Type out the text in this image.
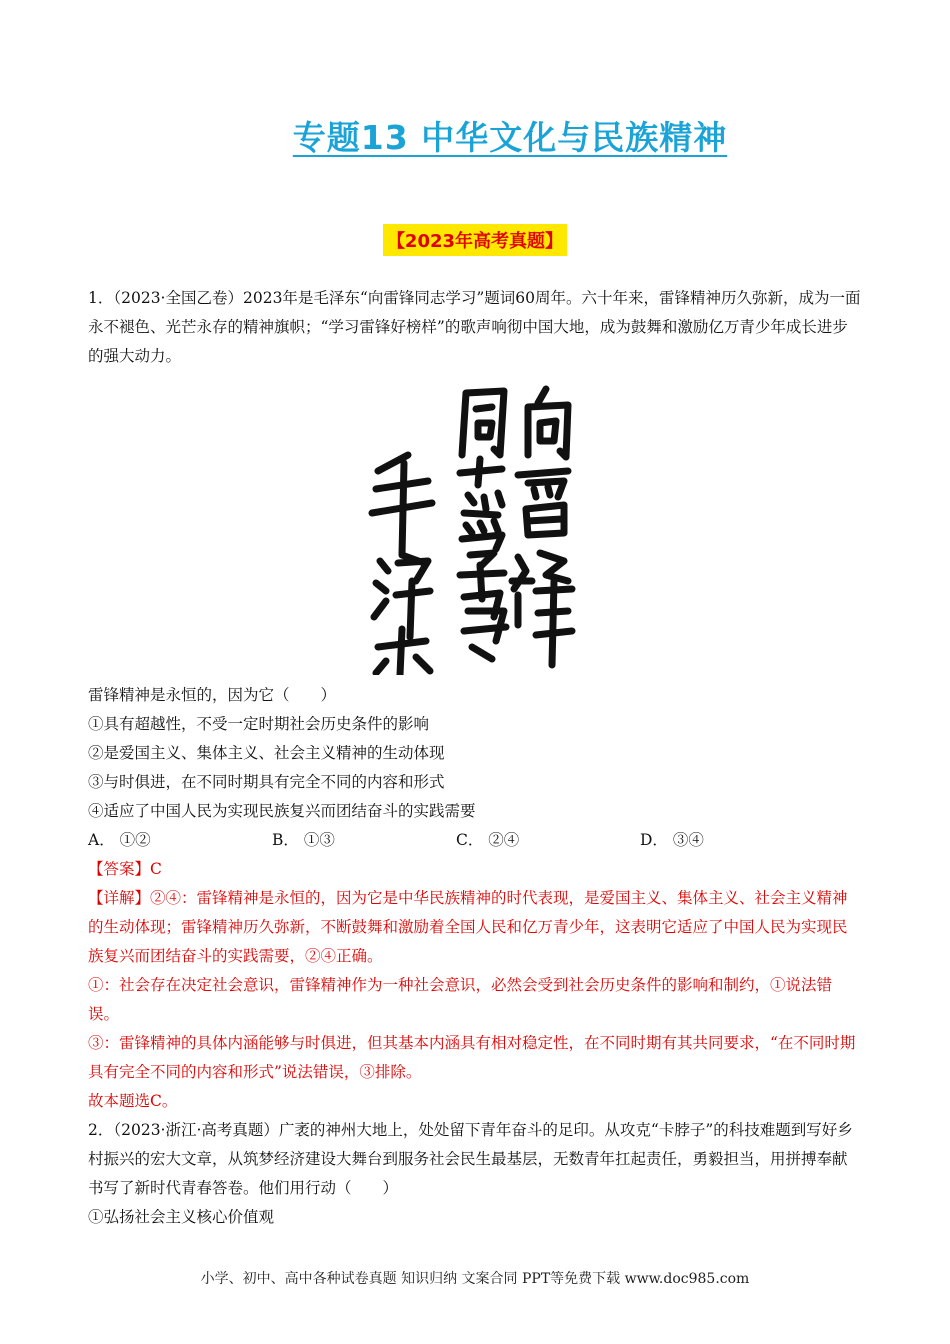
专题13 中华文化与民族精神
【2023年高考真题】

1．（2023·全国乙卷）2023年是毛泽东“向雷锋同志学习”题词60周年。六十年来，雷锋精神历久弥新，成为一面永不褪色、光芒永存的精神旗帜；“学习雷锋好榜样”的歌声响彻中国大地，成为鼓舞和激励亿万青少年成长进步的强大动力。

雷锋精神是永恒的，因为它（　　）

①具有超越性，不受一定时期社会历史条件的影响

②是爱国主义、集体主义、社会主义精神的生动体现

③与时俱进，在不同时期具有完全不同的内容和形式

④适应了中国人民为实现民族复兴而团结奋斗的实践需要

A． ①②	B． ①③	C． ②④	D． ③④

【答案】C

【详解】②④：雷锋精神是永恒的，因为它是中华民族精神的时代表现，是爱国主义、集体主义、社会主义精神的生动体现；雷锋精神历久弥新，不断鼓舞和激励着全国人民和亿万青少年，这表明它适应了中国人民为实现民族复兴而团结奋斗的实践需要，②④正确。

①：社会存在决定社会意识，雷锋精神作为一种社会意识，必然会受到社会历史条件的影响和制约，①说法错误。

③：雷锋精神的具体内涵能够与时俱进，但其基本内涵具有相对稳定性，在不同时期有其共同要求，“在不同时期具有完全不同的内容和形式”说法错误，③排除。

故本题选C。

2．（2023·浙江·高考真题）广袤的神州大地上，处处留下青年奋斗的足印。从攻克“卡脖子”的科技难题到写好乡村振兴的宏大文章，从筑梦经济建设大舞台到服务社会民生最基层，无数青年扛起责任，勇毅担当，用拼搏奉献书写了新时代青春答卷。他们用行动（　　）

①弘扬社会主义核心价值观

小学、初中、高中各种试卷真题 知识归纳 文案合同 PPT等免费下载 www.doc985.com
